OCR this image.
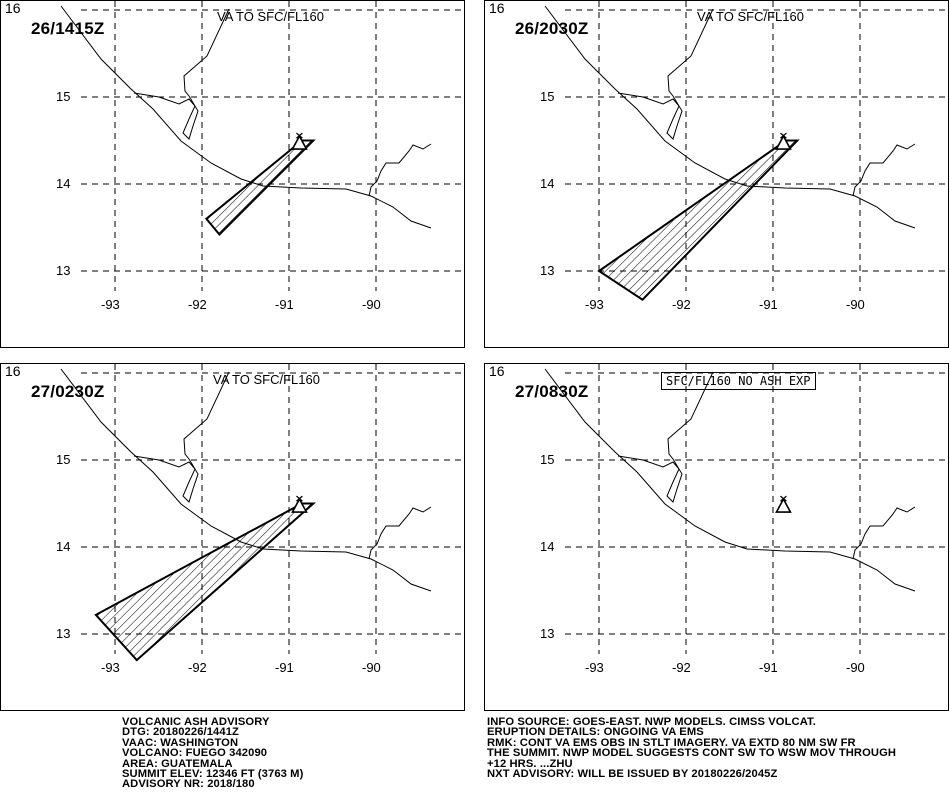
26/1415Z
VA TO SFC/FL160
16
15
14
13
-93	-92	-91	-90
26/2030Z
VA TO SFC/FL160
16
15
14
13
-93	-92	-91	-90
27/0230Z
VA TO SFC/FL160
16
15
14
13
-93	-92	-91	-90
27/0830Z
SFC/FL160 NO ASH EXP
16
15
14
13
-93	-92	-91	-90
VOLCANIC ASH ADVISORY
DTG: 20180226/1441Z
VAAC: WASHINGTON
VOLCANO: FUEGO 342090
AREA: GUATEMALA
SUMMIT ELEV: 12346 FT (3763 M)
ADVISORY NR: 2018/180
INFO SOURCE: GOES-EAST. NWP MODELS. CIMSS VOLCAT.
ERUPTION DETAILS: ONGOING VA EMS
RMK: CONT VA EMS OBS IN STLT IMAGERY. VA EXTD 80 NM SW FR
THE SUMMIT. NWP MODEL SUGGESTS CONT SW TO WSW MOV THROUGH
+12 HRS. ...ZHU
NXT ADVISORY: WILL BE ISSUED BY 20180226/2045Z
